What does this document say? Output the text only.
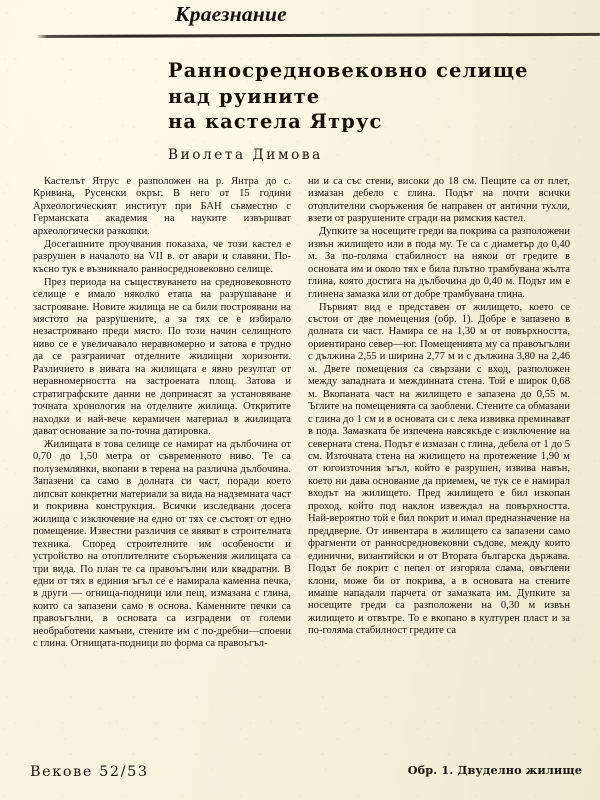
Краезнание
Ранносредновековно селище
над руините
на кастела Ятрус
Виолета Димова

Кастелът Ятрус е разположен на р. Янтра до с. Кривина, Русенски окръг. В него от 15 години Археологическият институт при БАН съвместно с Германската академия на науките извършват археологически разкопки.

Досегашните проучвания показаха, че този кастел е разрушен в началото на VII в. от авари и славяни. По-късно тук е възникнало ранносредновековно селище.

През периода на съществуването на средновековното селище е имало няколко етапа на разрушаване и застрояване. Новите жилища не са били построявани на мястото на разрушените, а за тях се е избирало незастроявано преди място. По този начин селищното ниво се е увеличавало неравномерно и затова е трудно да се разграничат отделните жилищни хоризонти. Различието в нивата на жилищата е явно резултат от неравномерността на застроената площ. Затова и стратиграфските данни не допринасят за установяване точната хронология на отделните жилища. Откритите находки и най-вече керамичен материал в жилищата дават основание за по-точна датировка.

Жилищата в това селище се намират на дълбочина от 0,70 до 1,50 метра от съвременното ниво. Те са полуземлянки, вкопани в терена на различна дълбочина. Запазени са само в долната си част, поради което липсват конкретни материали за вида на надземната част и покривна конструкция. Всички изследвани досега жилища с изключение на едно от тях се състоят от едно помещение. Известни различия се явяват в строителната техника. Според строителните им особености и устройство на отоплителните съоръжения жилищата са три вида. По план те са правоъгълни или квадратни. В едни от тях в единия ъгъл се е намирала каменна печка, в други — огнища-подници или пещ, измазана с глина, които са запазени само в основа. Каменните печки са правоъгълни, в основата са изградени от големи необработени камъни, стените им с по-дребни—споени с глина. Огнищата-подници по форма са правоъгъл-

ни и са със стени, високи до 18 см. Пещите са от плет, измазан дебело с глина. Подът на почти всички отоплителни съоръжения бе направен от антични тухли, взети от разрушените сгради на римския кастел.

Дупките за носещите греди на покрива са разположени извън жилището или в пода му. Те са с диаметър до 0,40 м. За по-голяма стабилност на някои от гредите в основата им и около тях е била плътно трамбувана жълта глина, която достига на дълбочина до 0,40 м. Подът им е глинена замазка или от добре трамбувана глина.

Първият вид е представен от жилището, което се състои от две помещения (обр. 1). Добре е запазено в долната си част. Намира се на 1,30 м от повърхността, ориентирано север—юг. Помещенията му са правоъгълни с дължина 2,55 и ширина 2,77 м и с дължина 3,80 на 2,46 м. Двете помещения са свързани с вход, разположен между западната и междинната стена. Той е широк 0,68 м. Вкопаната част на жилището е запазена до 0,55 м. Ъглите на помещенията са заоблени. Стените са обмазани с глина до 1 см и в основата си с лека извивка преминават в пода. Замазката бе изпечена навсякъде с изключение на северната стена. Подът е измазан с глина, дебела от 1 до 5 см. Източната стена на жилището на протежение 1,90 м от югоизточния ъгъл, който е разрушен, извива навън, което ни дава основание да приемем, че тук се е намирал входът на жилището. Пред жилището е бил изкопан проход, който под наклон извеждал на повърхността. Най-вероятно той е бил покрит и имал предназначение на преддверие. От инвентара в жилището са запазени само фрагменти от ранносредновековни съдове, между които единични, византийски и от Втората българска държава. Подът бе покрит с пепел от изгоряла слама, овъглени клони, може би от покрива, а в основата на стените имаше нападали парчета от замазката им. Дупките за носещите греди са разположени на 0,30 м извън жилището и отвътре. То е вкопано в културен пласт и за по-голяма стабилност гредите са

Векове 52/53	Обр. 1. Двуделно жилище
